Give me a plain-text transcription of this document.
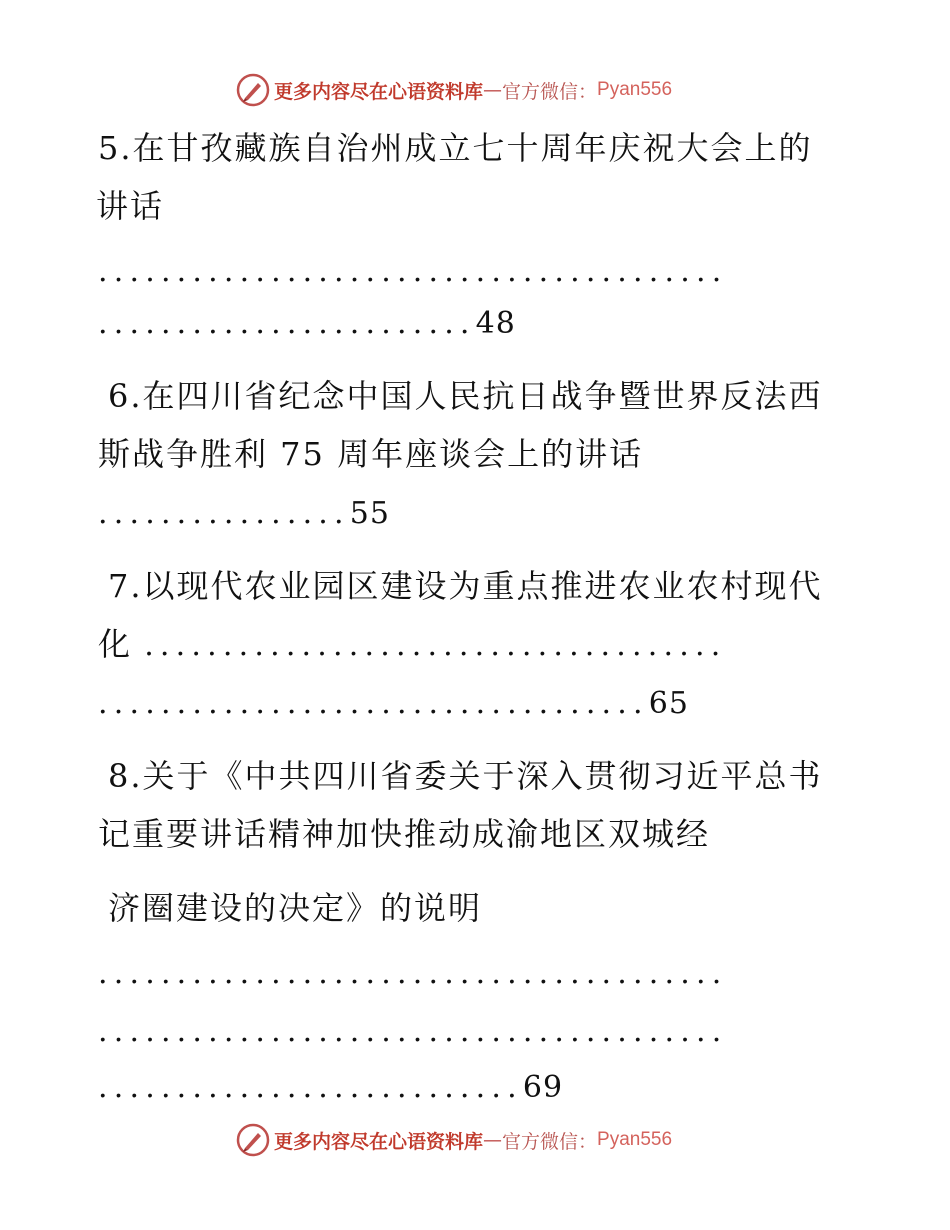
更多内容尽在心语资料库 — 官方微信： Pyan556
5.在甘孜藏族自治州成立七十周年庆祝大会上的
讲话
........................................
........................48
6.在四川省纪念中国人民抗日战争暨世界反法西
斯战争胜利 75 周年座谈会上的讲话
................55
7.以现代农业园区建设为重点推进农业农村现代
化 .....................................
...................................65
8.关于《中共四川省委关于深入贯彻习近平总书
记重要讲话精神加快推动成渝地区双城经
济圈建设的决定》的说明
........................................
........................................
...........................69
更多内容尽在心语资料库 — 官方微信： Pyan556
